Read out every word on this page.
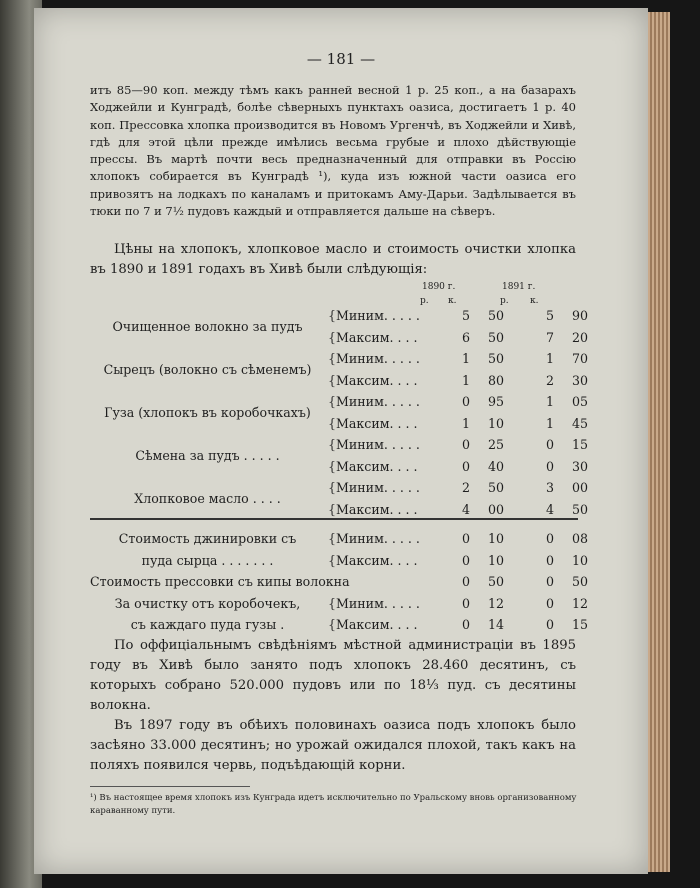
— 181 —
итъ 85—90 коп. между тѣмъ какъ ранней весной 1 р. 25 коп., а на базарахъ Ходжейли и Кунградѣ, болѣе сѣверныхъ пунктахъ оазиса, достигаетъ 1 р. 40 коп. Прессовка хлопка производится въ Новомъ Ургенчѣ, въ Ходжейли и Хивѣ, гдѣ для этой цѣли прежде имѣлись весьма грубые и плохо дѣйствующіе прессы. Въ мартѣ почти весь предназначенный для отправки въ Россію хлопокъ собирается въ Кунградѣ ¹), куда изъ южной части оазиса его привозятъ на лодкахъ по каналамъ и притокамъ Аму-Дарьи. Задѣлывается въ тюки по 7 и 7½ пудовъ каждый и отправляется дальше на сѣверъ.
Цѣны на хлопокъ, хлопковое масло и стоимость очистки хлопка въ 1890 и 1891 годахъ въ Хивѣ были слѣдующія:
1890 г.	1891 г.
р. к.	р. к.
Очищенное волокно за пудъ
{ Миним. . . . .	5	50	5	90
{ Максим. . . .	6	50	7	20
Сырецъ (волокно съ сѣменемъ)
{ Миним. . . . .	1	50	1	70
{ Максим. . . .	1	80	2	30
Гуза (хлопокъ въ коробочкахъ)
{ Миним. . . . .	0	95	1	05
{ Максим. . . .	1	10	1	45
Сѣмена за пудъ . . . . .
{ Миним. . . . .	0	25	0	15
{ Максим. . . .	0	40	0	30
Хлопковое масло . . . .
{ Миним. . . . .	2	50	3	00
{ Максим. . . .	4	00	4	50
Стоимость джинировки съ	{ Миним. . . . .	0	10	0	08
пуда сырца . . . . . . .	{ Максим. . . .	0	10	0	10
Стоимость прессовки съ кипы волокна	0	50	0	50
За очистку отъ коробочекъ,	{ Миним. . . . .	0	12	0	12
съ каждаго пуда гузы .	{ Максим. . . .	0	14	0	15
По оффиціальнымъ свѣдѣніямъ мѣстной администраціи въ 1895 году въ Хивѣ было занято подъ хлопокъ 28.460 десятинъ, съ которыхъ собрано 520.000 пудовъ или по 18⅓ пуд. съ десятины волокна.
Въ 1897 году въ обѣихъ половинахъ оазиса подъ хлопокъ было засѣяно 33.000 десятинъ; но урожай ожидался плохой, такъ какъ на поляхъ появился червь, подъѣдающій корни.
¹) Въ настоящее время хлопокъ изъ Кунграда идетъ исключительно по Уральскому вновь организованному караванному пути.
